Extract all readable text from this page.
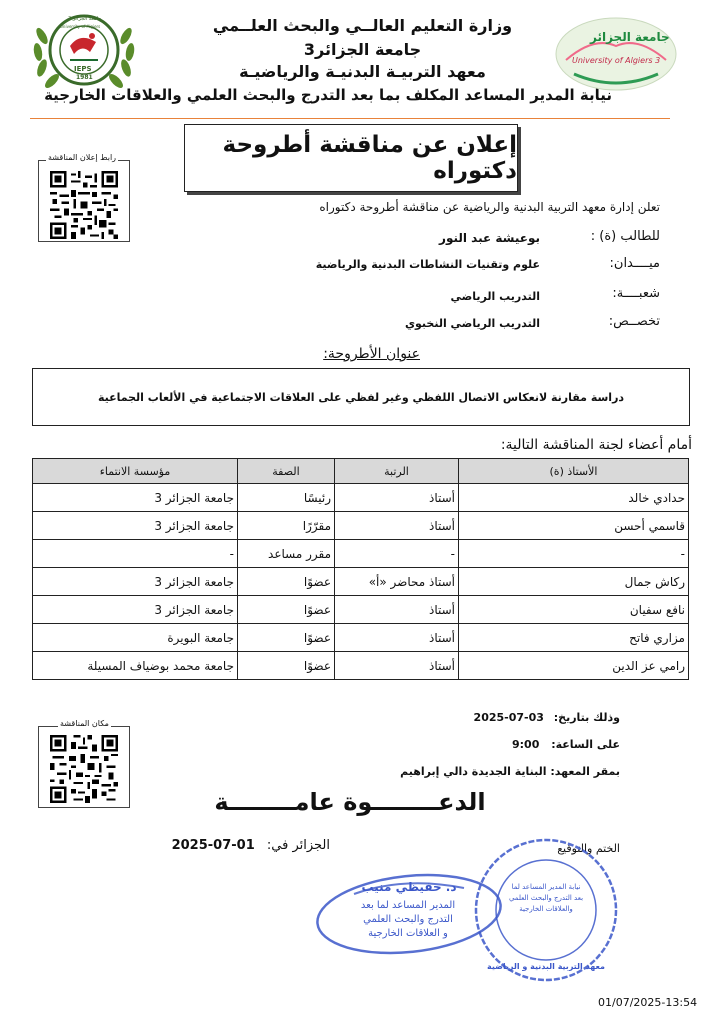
وزارة التعليم العالــي والبحث العلــمي
جامعة الجزائر3
معهد التربيـة البدنيـة والرياضيـة
نيابة المدير المساعد المكلف بما بعد التدرج والبحث العلمي والعلاقات الخارجية
جامعة الجزائر 3
University of Algiers
IEPS
1981
جامعة الجزائر
University of Algiers 3
إعلان عن مناقشة أطروحة دكتوراه
رابط إعلان المناقشة
تعلن إدارة معهد التربية البدنية والرياضية عن مناقشة أطروحة دكتوراه
للطالب (ة) :
بوعيشة عبد النور
ميــــدان:
علوم وتقنيات النشاطات البدنية والرياضية
شعبــــة:
التدريب الرياضي
تخصــص:
التدريب الرياضي النخبوي
عنوان الأطروحة:
دراسة مقارنة لانعكاس الاتصال اللفظي وغير لفظي على العلاقات الاجتماعية في الألعاب الجماعية
أمام أعضاء لجنة المناقشة التالية:
الأستاذ (ة)	الرتبة	الصفة	مؤسسة الانتماء
حدادي خالد	أستاذ	رئيسًا	جامعة الجزائر 3
قاسمي أحسن	أستاذ	مقرّرًا	جامعة الجزائر 3
-	-	مقرر مساعد	-
ركاش جمال	أستاذ محاضر «أ»	عضوًا	جامعة الجزائر 3
نافع سفيان	أستاذ	عضوًا	جامعة الجزائر 3
مزاري فاتح	أستاذ	عضوًا	جامعة البويرة
رامي عز الدين	أستاذ	عضوًا	جامعة محمد بوضياف المسيلة
وذلك بتاريخ: 2025-07-03
على الساعة: 9:00
بمقر المعهد: البناية الجديدة دالي إبراهيم
مكان المناقشة
الدعــــــــوة عامــــــــة
الختم والتوقيع
الجزائر في: 2025-07-01
معهد التربية البدنية و الرياضية
نيابة المدير المساعد لما بعد التدرج والبحث العلمي والعلاقات الخارجية
د. حفيظي منيب
المدير المساعد لما بعد
التدرج والبحث العلمي
و العلاقات الخارجية
01/07/2025-13:54
